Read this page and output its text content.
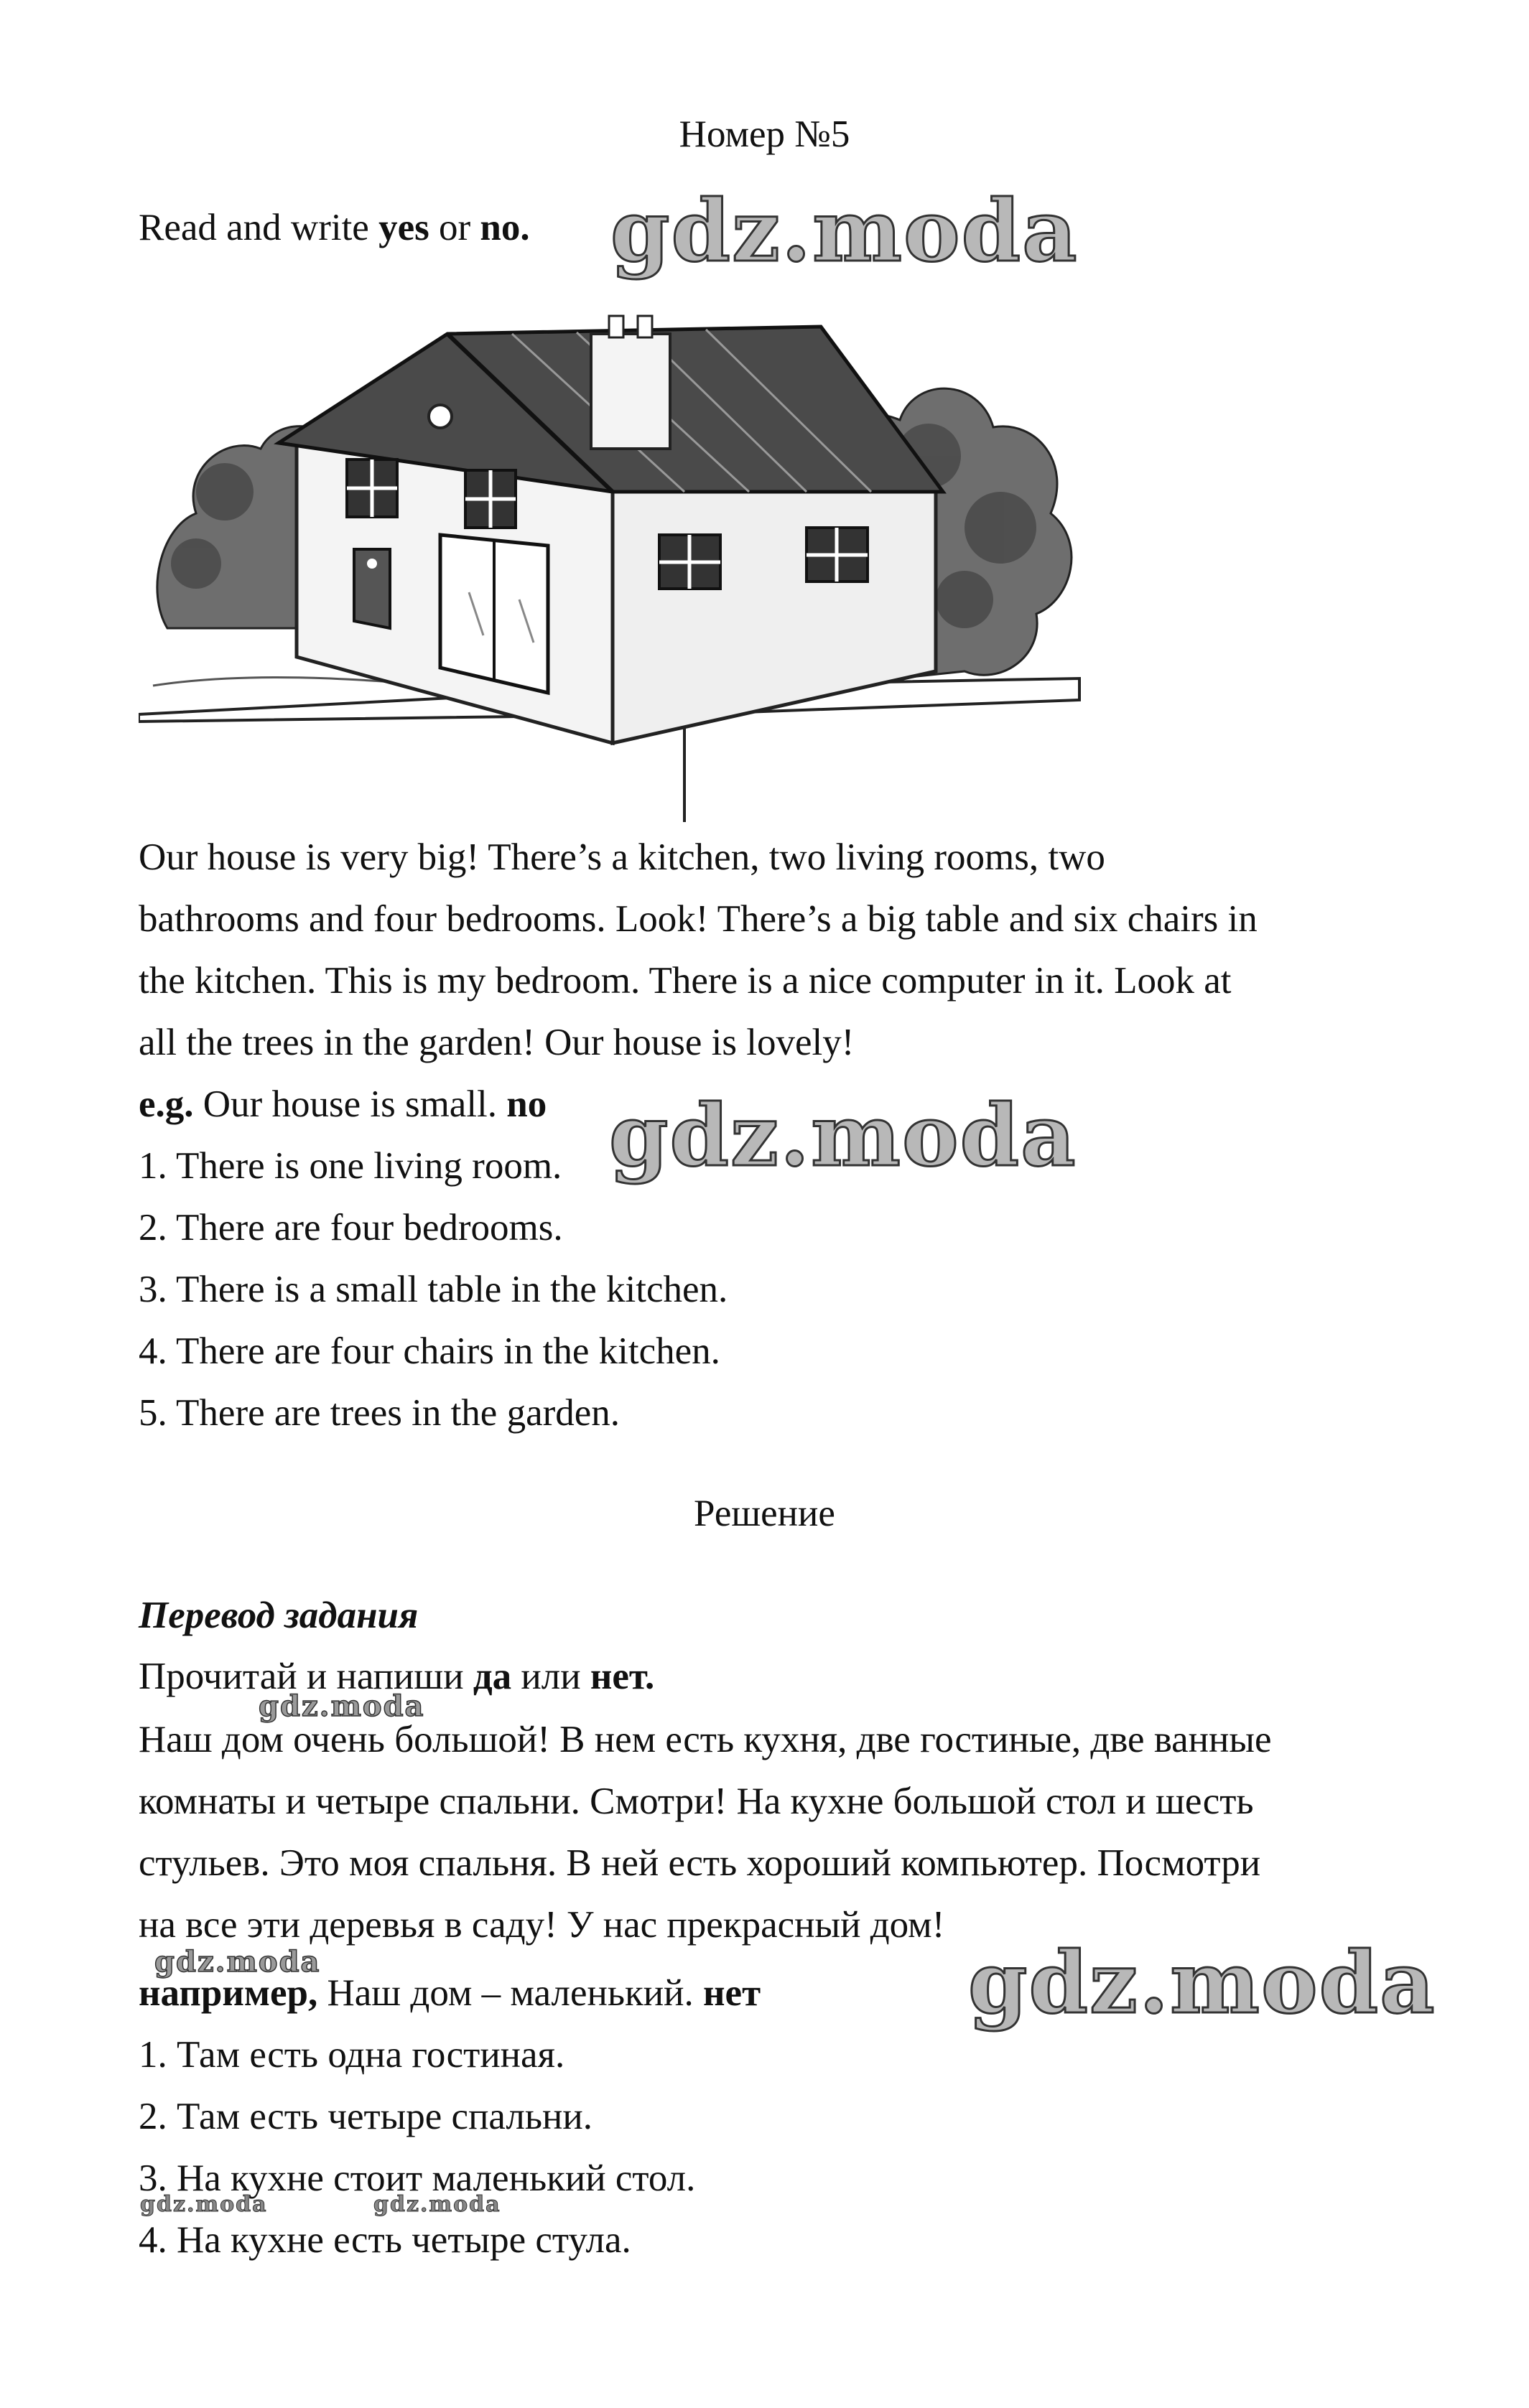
Номер №5

Read and write yes or no. gdz.moda

Our house is very big! There’s a kitchen, two living rooms, two

bathrooms and four bedrooms. Look! There’s a big table and six chairs in

the kitchen. This is my bedroom. There is a nice computer in it. Look at

all the trees in the garden! Our house is lovely!

e.g. Our house is small. no gdz.moda

1. There is one living room.

2. There are four bedrooms.

3. There is a small table in the kitchen.

4. There are four chairs in the kitchen.

5. There are trees in the garden.

Решение

Перевод задания

Прочитай и напиши да или нет.

gdz.moda

Наш дом очень большой! В нем есть кухня, две гостиные, две ванные

комнаты и четыре спальни. Смотри! На кухне большой стол и шесть

стульев. Это моя спальня. В ней есть хороший компьютер. Посмотри

на все эти деревья в саду! У нас прекрасный дом!

gdz.moda

например, Наш дом – маленький. нет gdz.moda

1. Там есть одна гостиная.

2. Там есть четыре спальни.

3. На кухне стоит маленький стол.

gdz.moda	gdz.moda

4. На кухне есть четыре стула.
